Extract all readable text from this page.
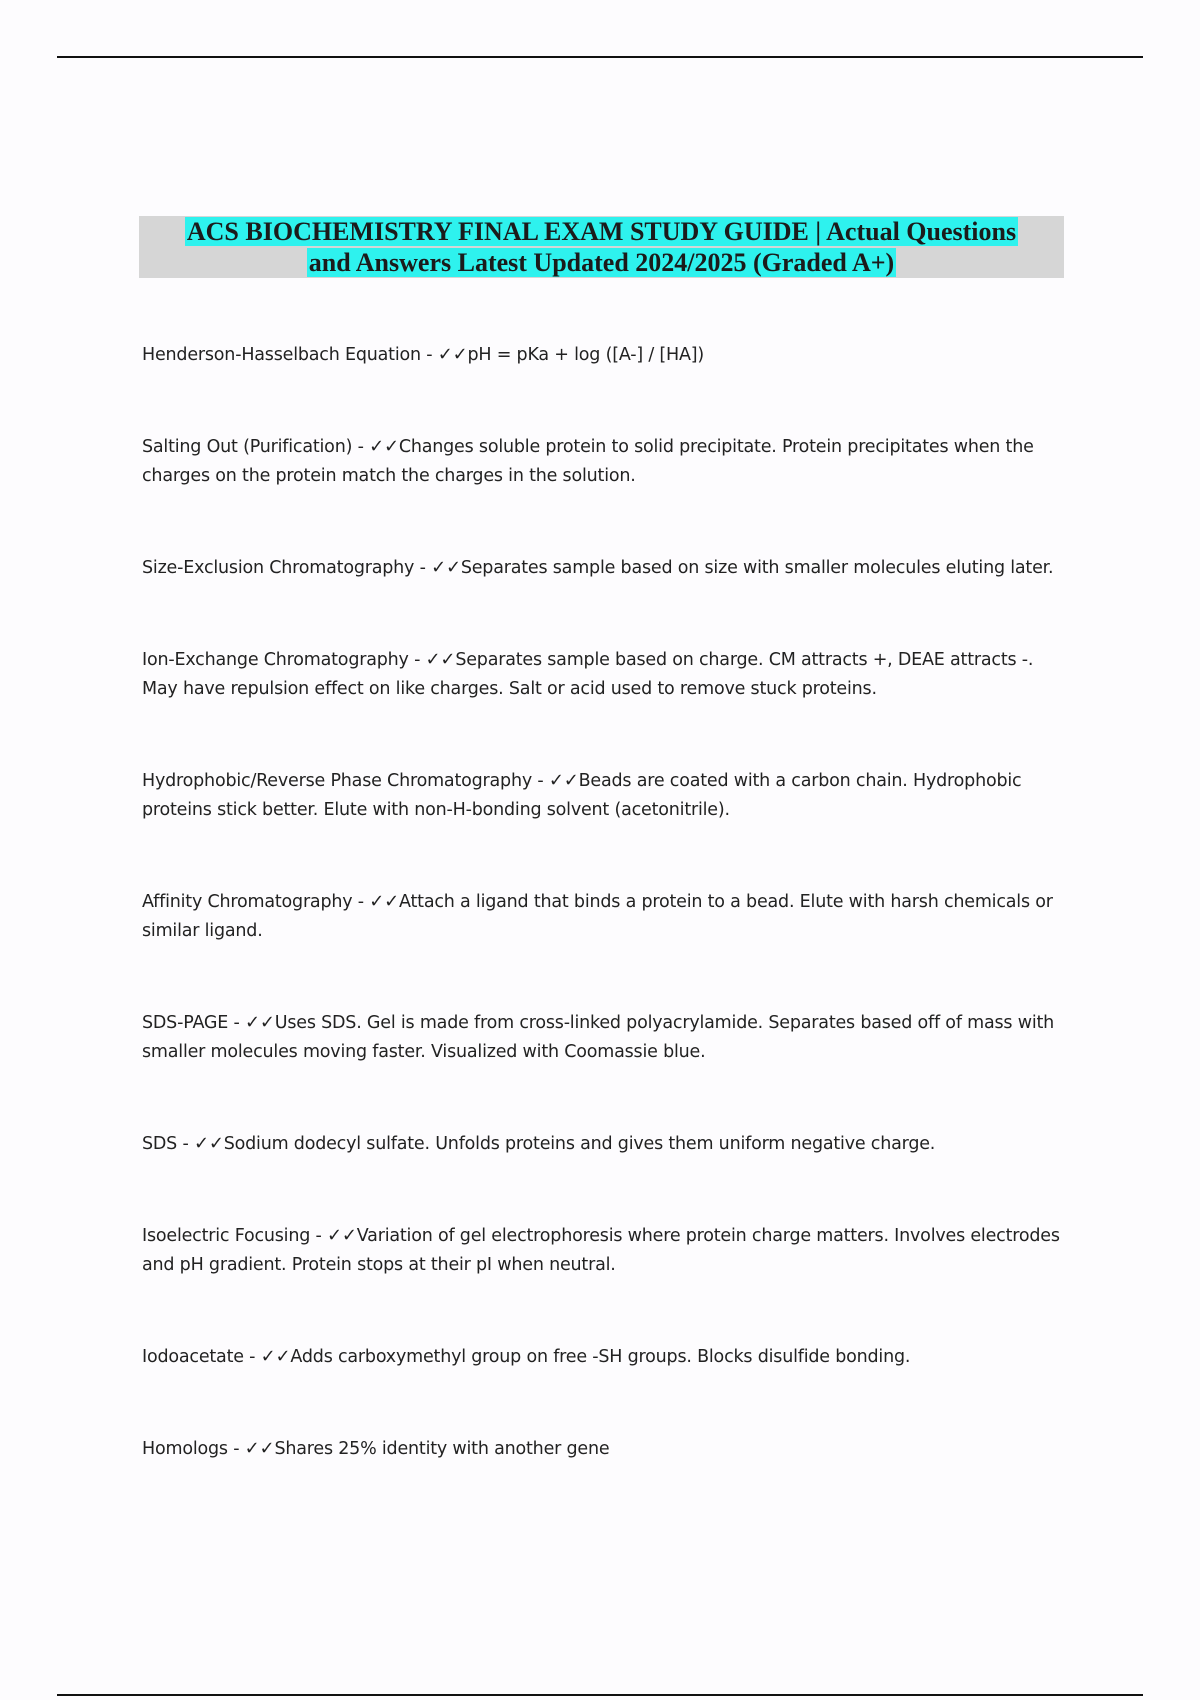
ACS BIOCHEMISTRY FINAL EXAM STUDY GUIDE | Actual Questions
and Answers Latest Updated 2024/2025 (Graded A+)
Henderson-Hasselbach Equation - ✓✓pH = pKa + log ([A-] / [HA])
Salting Out (Purification) - ✓✓Changes soluble protein to solid precipitate. Protein precipitates when the charges on the protein match the charges in the solution.
Size-Exclusion Chromatography - ✓✓Separates sample based on size with smaller molecules eluting later.
Ion-Exchange Chromatography - ✓✓Separates sample based on charge. CM attracts +, DEAE attracts -. May have repulsion effect on like charges. Salt or acid used to remove stuck proteins.
Hydrophobic/Reverse Phase Chromatography - ✓✓Beads are coated with a carbon chain. Hydrophobic proteins stick better. Elute with non-H-bonding solvent (acetonitrile).
Affinity Chromatography - ✓✓Attach a ligand that binds a protein to a bead. Elute with harsh chemicals or similar ligand.
SDS-PAGE - ✓✓Uses SDS. Gel is made from cross-linked polyacrylamide. Separates based off of mass with smaller molecules moving faster. Visualized with Coomassie blue.
SDS - ✓✓Sodium dodecyl sulfate. Unfolds proteins and gives them uniform negative charge.
Isoelectric Focusing - ✓✓Variation of gel electrophoresis where protein charge matters. Involves electrodes and pH gradient. Protein stops at their pI when neutral.
Iodoacetate - ✓✓Adds carboxymethyl group on free -SH groups. Blocks disulfide bonding.
Homologs - ✓✓Shares 25% identity with another gene
